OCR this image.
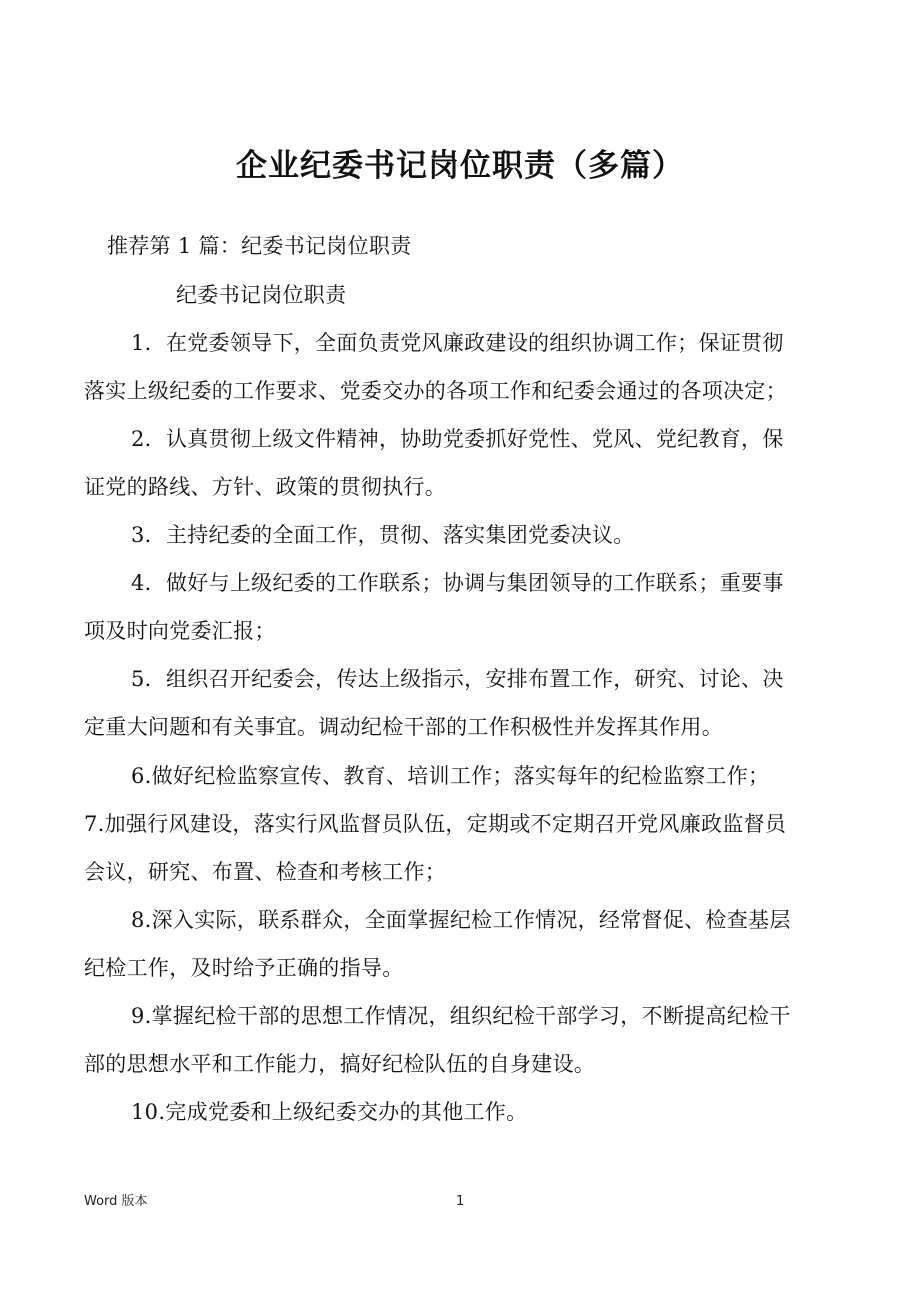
企业纪委书记岗位职责（多篇）
推荐第 1 篇：纪委书记岗位职责
纪委书记岗位职责
1．在党委领导下，全面负责党风廉政建设的组织协调工作；保证贯彻
落实上级纪委的工作要求、党委交办的各项工作和纪委会通过的各项决定；
2．认真贯彻上级文件精神，协助党委抓好党性、党风、党纪教育，保
证党的路线、方针、政策的贯彻执行。
3．主持纪委的全面工作，贯彻、落实集团党委决议。
4．做好与上级纪委的工作联系；协调与集团领导的工作联系；重要事
项及时向党委汇报；
5．组织召开纪委会，传达上级指示，安排布置工作，研究、讨论、决
定重大问题和有关事宜。调动纪检干部的工作积极性并发挥其作用。
6.做好纪检监察宣传、教育、培训工作；落实每年的纪检监察工作；
7.加强行风建设，落实行风监督员队伍，定期或不定期召开党风廉政监督员
会议，研究、布置、检查和考核工作；
8.深入实际，联系群众，全面掌握纪检工作情况，经常督促、检查基层
纪检工作，及时给予正确的指导。
9.掌握纪检干部的思想工作情况，组织纪检干部学习，不断提高纪检干
部的思想水平和工作能力，搞好纪检队伍的自身建设。
10.完成党委和上级纪委交办的其他工作。
Word 版本	1
